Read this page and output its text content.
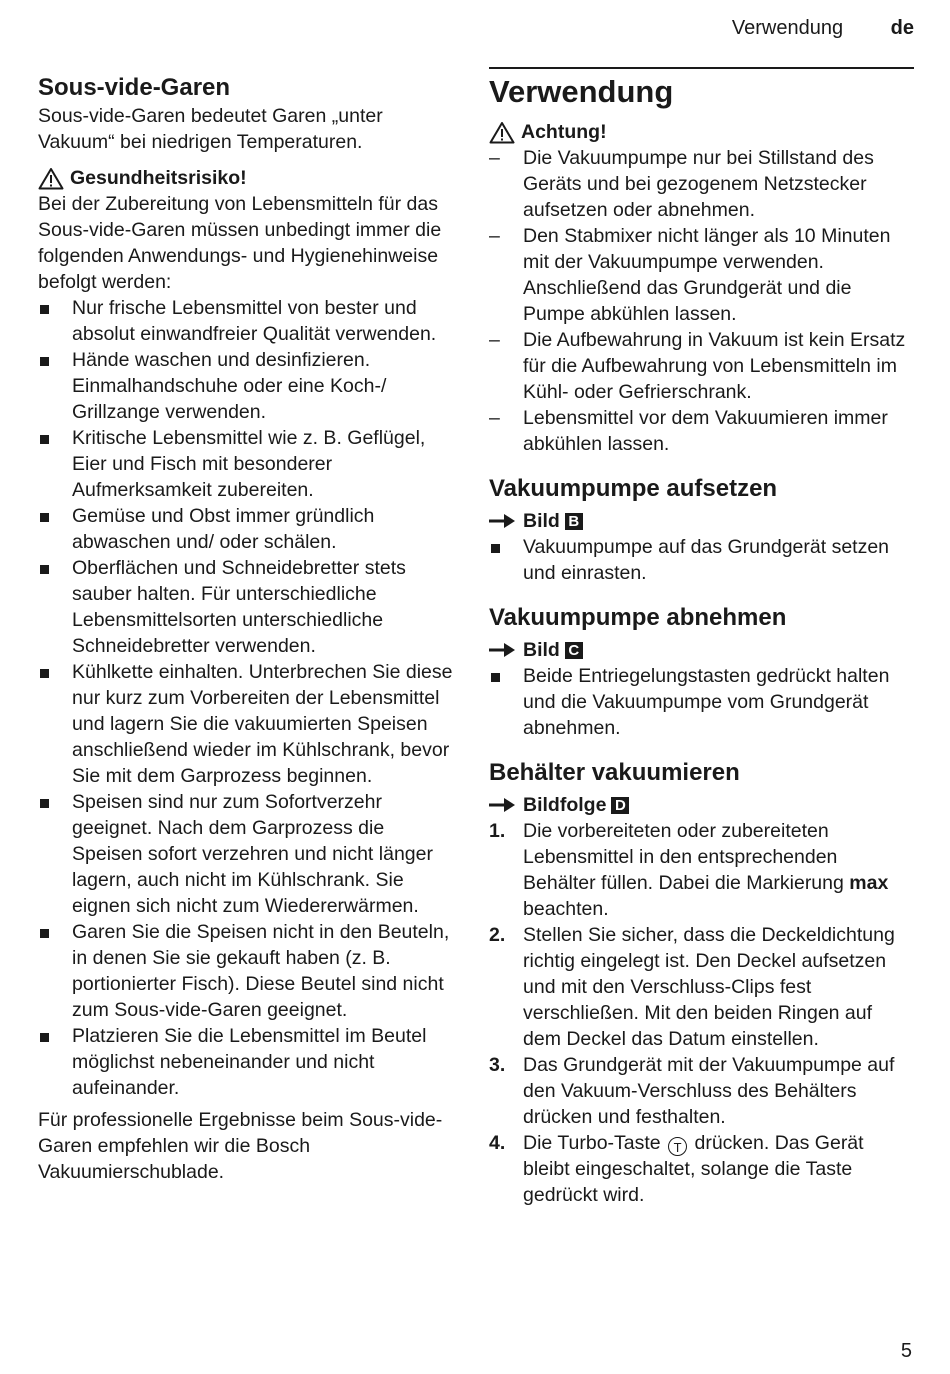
Verwendung de
Sous-vide-Garen

Sous-vide-Garen bedeutet Garen „unter Vakuum“ bei niedrigen Temperaturen.

Gesundheitsrisiko!

Bei der Zubereitung von Lebensmitteln für das Sous-vide-Garen müssen unbedingt immer die folgenden Anwendungs- und Hygienehinweise befolgt werden:

Nur frische Lebensmittel von bester und absolut einwandfreier Qualität verwenden.
Hände waschen und desinfizieren. Einmalhandschuhe oder eine Koch-/ Grillzange verwenden.
Kritische Lebensmittel wie z. B. Geflügel, Eier und Fisch mit besonderer Aufmerksamkeit zubereiten.
Gemüse und Obst immer gründlich abwaschen und/ oder schälen.
Oberflächen und Schneidebretter stets sauber halten. Für unterschiedliche Lebensmittelsorten unterschiedliche Schneidebretter verwenden.
Kühlkette einhalten. Unterbrechen Sie diese nur kurz zum Vorbereiten der Lebensmittel und lagern Sie die vakuumierten Speisen anschließend wieder im Kühlschrank, bevor Sie mit dem Garprozess beginnen.
Speisen sind nur zum Sofortverzehr geeignet. Nach dem Garprozess die Speisen sofort verzehren und nicht länger lagern, auch nicht im Kühlschrank. Sie eignen sich nicht zum Wiedererwärmen.
Garen Sie die Speisen nicht in den Beuteln, in denen Sie sie gekauft haben (z. B. portionierter Fisch). Diese Beutel sind nicht zum Sous-vide-Garen geeignet.
Platzieren Sie die Lebensmittel im Beutel möglichst nebeneinander und nicht aufeinander.

Für professionelle Ergebnisse beim Sous-vide-Garen empfehlen wir die Bosch Vakuumierschublade.

Verwendung
Achtung!
– Die Vakuumpumpe nur bei Stillstand des Geräts und bei gezogenem Netzstecker aufsetzen oder abnehmen.
– Den Stabmixer nicht länger als 10 Minuten mit der Vakuumpumpe verwenden. Anschließend das Grundgerät und die Pumpe abkühlen lassen.
– Die Aufbewahrung in Vakuum ist kein Ersatz für die Aufbewahrung von Lebensmitteln im Kühl- oder Gefrierschrank.
– Lebensmittel vor dem Vakuumieren immer abkühlen lassen.
Vakuumpumpe aufsetzen
Bild B
Vakuumpumpe auf das Grundgerät setzen und einrasten.
Vakuumpumpe abnehmen
Bild C
Beide Entriegelungstasten gedrückt halten und die Vakuumpumpe vom Grundgerät abnehmen.
Behälter vakuumieren
Bildfolge D
1. Die vorbereiteten oder zubereiteten Lebensmittel in den entsprechenden Behälter füllen. Dabei die Markierung max beachten.
2. Stellen Sie sicher, dass die Deckeldichtung richtig eingelegt ist. Den Deckel aufsetzen und mit den Verschluss-Clips fest verschließen. Mit den beiden Ringen auf dem Deckel das Datum einstellen.
3. Das Grundgerät mit der Vakuumpumpe auf den Vakuum-Verschluss des Behälters drücken und festhalten.
4. Die Turbo-Taste T drücken. Das Gerät bleibt eingeschaltet, solange die Taste gedrückt wird.
5
